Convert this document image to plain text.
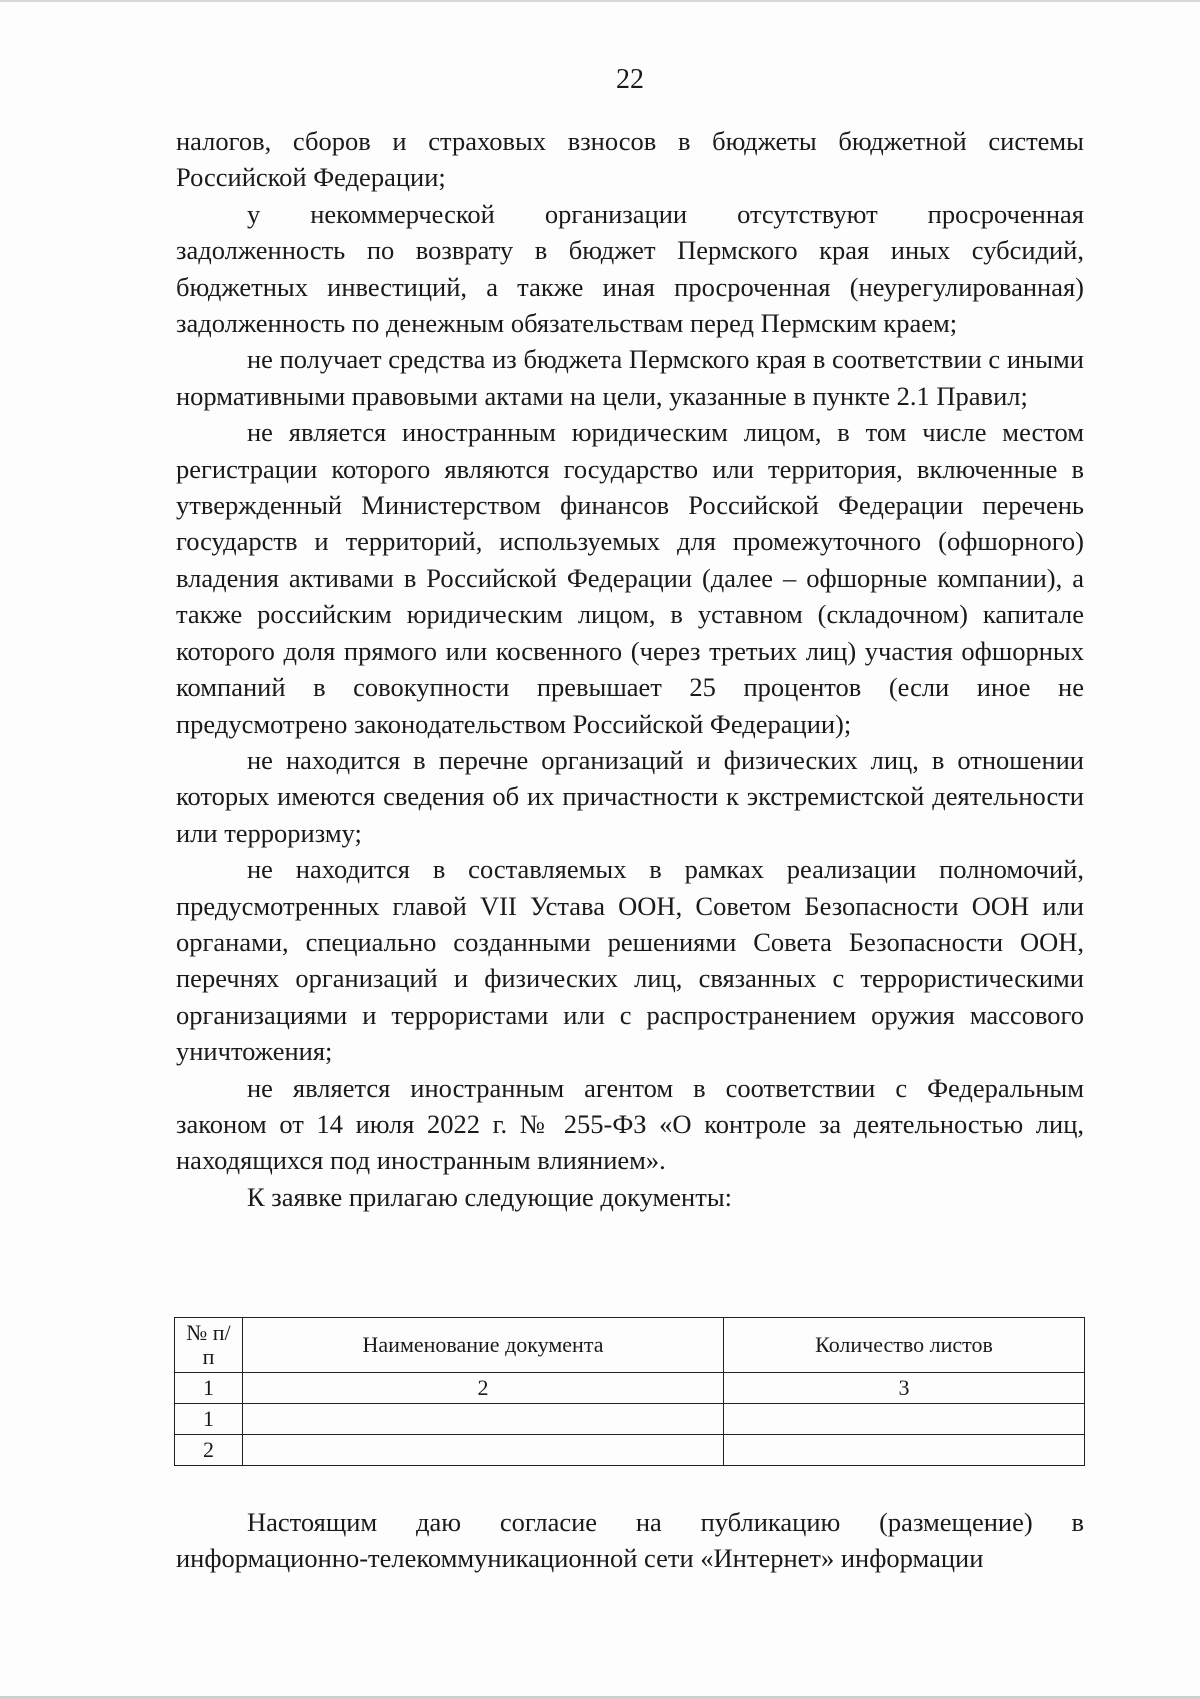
22

налогов, сборов и страховых взносов в бюджеты бюджетной системы Российской Федерации;

у некоммерческой организации отсутствуют просроченная задолженность по возврату в бюджет Пермского края иных субсидий, бюджетных инвестиций, а также иная просроченная (неурегулированная) задолженность по денежным обязательствам перед Пермским краем;

не получает средства из бюджета Пермского края в соответствии с иными нормативными правовыми актами на цели, указанные в пункте 2.1 Правил;

не является иностранным юридическим лицом, в том числе местом регистрации которого являются государство или территория, включенные в утвержденный Министерством финансов Российской Федерации перечень государств и территорий, используемых для промежуточного (офшорного) владения активами в Российской Федерации (далее – офшорные компании), а также российским юридическим лицом, в уставном (складочном) капитале которого доля прямого или косвенного (через третьих лиц) участия офшорных компаний в совокупности превышает 25 процентов (если иное не предусмотрено законодательством Российской Федерации);

не находится в перечне организаций и физических лиц, в отношении которых имеются сведения об их причастности к экстремистской деятельности или терроризму;

не находится в составляемых в рамках реализации полномочий, предусмотренных главой VII Устава ООН, Советом Безопасности ООН или органами, специально созданными решениями Совета Безопасности ООН, перечнях организаций и физических лиц, связанных с террористическими организациями и террористами или с распространением оружия массового уничтожения;

не является иностранным агентом в соответствии с Федеральным законом от 14 июля 2022 г. № 255-ФЗ «О контроле за деятельностью лиц, находящихся под иностранным влиянием».

К заявке прилагаю следующие документы:

№ п/п	Наименование документа	Количество листов
1	2	3
1		
2		

Настоящим даю согласие на публикацию (размещение) в информационно-телекоммуникационной сети «Интернет» информации
